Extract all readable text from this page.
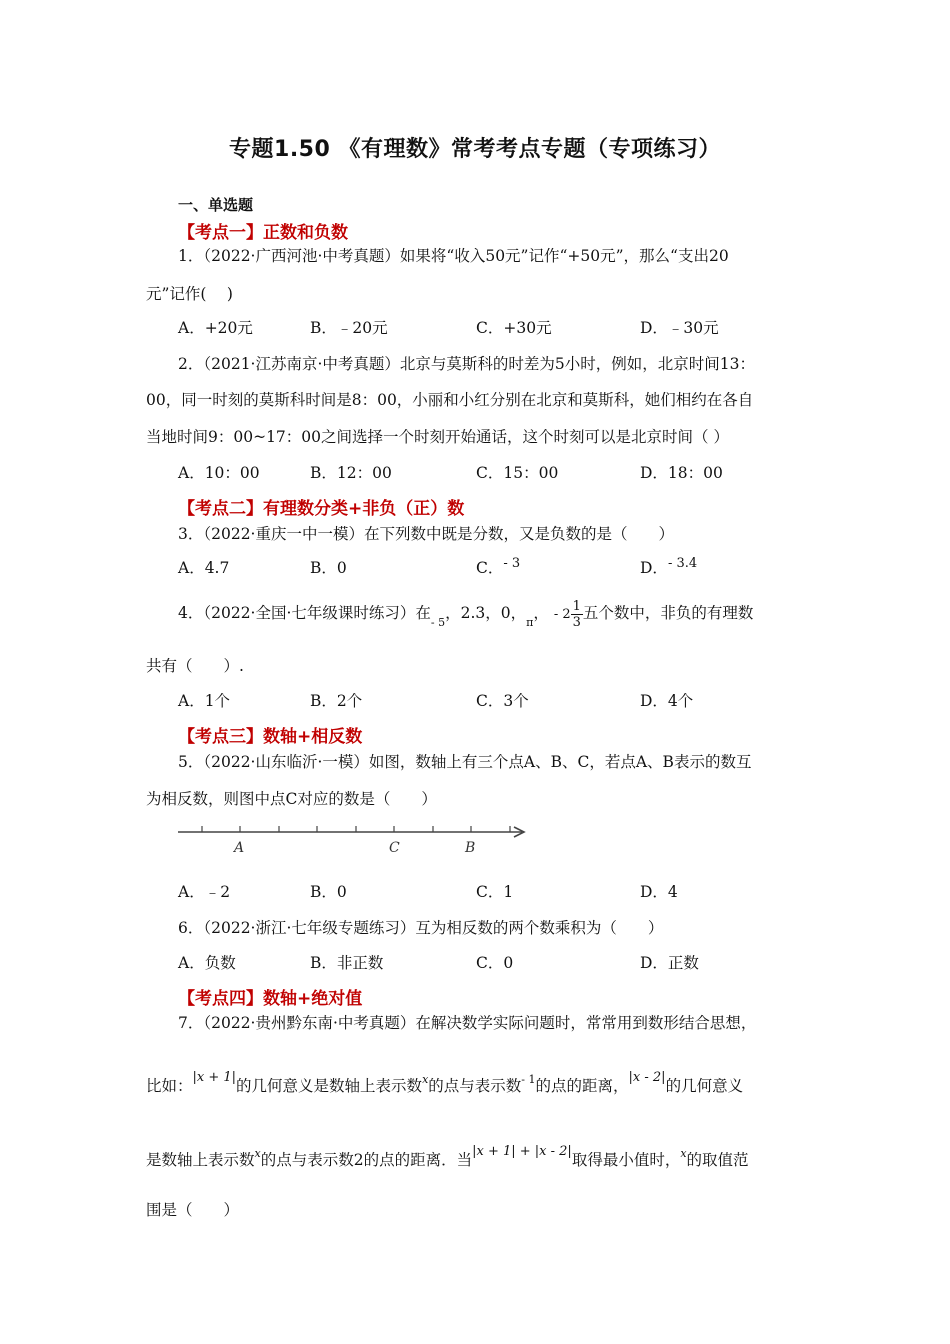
专题1.50 《有理数》常考考点专题（专项练习）
一、单选题
【考点一】正数和负数
1．（2022·广西河池·中考真题）如果将“收入50元”记作“+50元”，那么“支出20
元”记作(　 )
A．+20元	B．﹣20元	C．+30元	D．﹣30元
2．（2021·江苏南京·中考真题）北京与莫斯科的时差为5小时，例如，北京时间13：
00，同一时刻的莫斯科时间是8：00，小丽和小红分别在北京和莫斯科，她们相约在各自
当地时间9：00~17：00之间选择一个时刻开始通话，这个时刻可以是北京时间（ ）
A．10：00	B．12：00	C．15：00	D．18：00
【考点二】有理数分类+非负（正）数
3．（2022·重庆一中一模）在下列数中既是分数，又是负数的是（　　）
A．4.7	B．0	C．$^{- 3}$	D．$^{- 3.4}$
4．（2022·全国·七年级课时练习）在$_{- 5}$，2.3，0，$_\pi$， - $2 \frac{1}{3}$ 五个数中，非负的有理数
共有（　　）.
A．1个	B．2个	C．3个	D．4个
【考点三】数轴+相反数
5．（2022·山东临沂·一模）如图，数轴上有三个点A、B、C，若点A、B表示的数互
为相反数，则图中点C对应的数是（　　）
A	C	B
A．﹣2	B．0	C．1	D．4
6．（2022·浙江·七年级专题练习）互为相反数的两个数乘积为（　　）
A．负数	B．非正数	C．0	D．正数
【考点四】数轴+绝对值
7．（2022·贵州黔东南·中考真题）在解决数学实际问题时，常常用到数形结合思想，
比如：$^{|x + 1|}$的几何意义是数轴上表示数$^x$的点与表示数$^{- 1}$的点的距离，$^{|x - 2|}$的几何意义
是数轴上表示数$^x$的点与表示数2的点的距离．当$^{|x + 1| + |x - 2|}$取得最小值时，$^x$的取值范
围是（　　）
